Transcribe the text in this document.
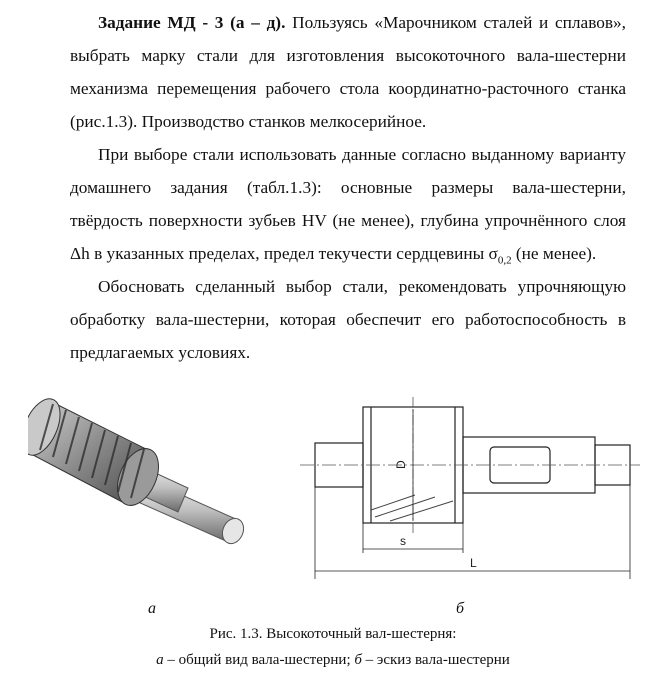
Задание МД - 3 (а – д). Пользуясь «Марочником сталей и сплавов», выбрать марку стали для изготовления высокоточного вала-шестерни механизма перемещения рабочего стола координатно-расточного станка (рис.1.3). Производство станков мелкосерийное.

При выборе стали использовать данные согласно выданному варианту домашнего задания (табл.1.3): основные размеры вала-шестерни, твёрдость поверхности зубьев HV (не менее), глубина упрочнённого слоя Δh в указанных пределах, предел текучести сердцевины $\sigma_{0,2}$ (не менее).

Обосновать сделанный выбор стали, рекомендовать упрочняющую обработку вала-шестерни, которая обеспечит его работоспособность в предлагаемых условиях.

D
s
L
а	б
Рис. 1.3. Высокоточный вал-шестерня:
а – общий вид вала-шестерни; б – эскиз вала-шестерни
